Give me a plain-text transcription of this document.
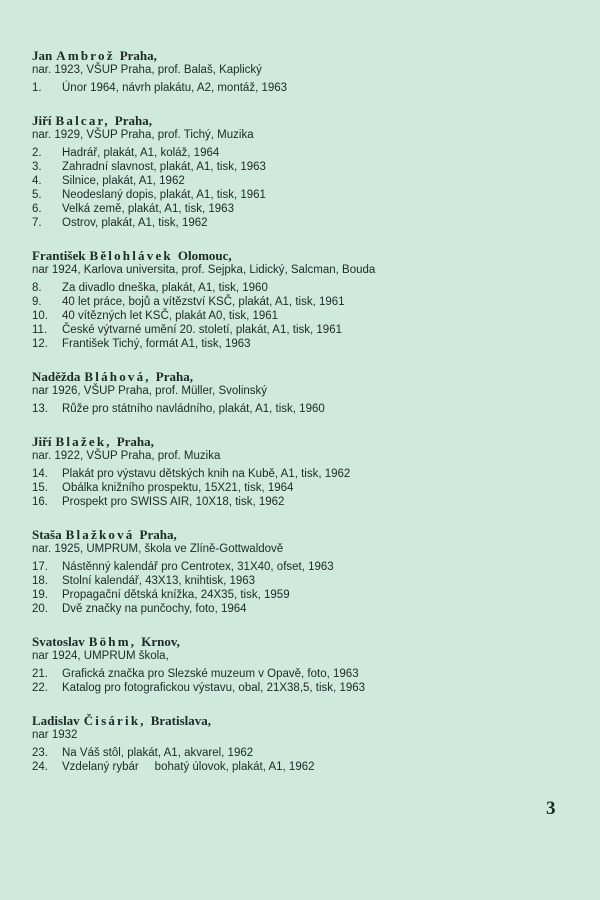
Jan Ambrož Praha,
nar. 1923, VŠUP Praha, prof. Balaš, Kaplický
1.	Únor 1964, návrh plakátu, A2, montáž, 1963
Jiří Balcar, Praha,
nar. 1929, VŠUP Praha, prof. Tichý, Muzika
2.	Hadrář, plakát, A1, koláž, 1964
3.	Zahradní slavnost, plakát, A1, tisk, 1963
4.	Silnice, plakát, A1, 1962
5.	Neodeslaný dopis, plakát, A1, tisk, 1961
6.	Velká země, plakát, A1, tisk, 1963
7.	Ostrov, plakát, A1, tisk, 1962
František Bělohlávek Olomouc,
nar 1924, Karlova universita, prof. Sejpka, Lidický, Salcman, Bouda
8.	Za divadlo dneška, plakát, A1, tisk, 1960
9.	40 let práce, bojů a vítězství KSČ, plakát, A1, tisk, 1961
10.	40 vítězných let KSČ, plakát A0, tisk, 1961
11.	České výtvarné umění 20. století, plakát, A1, tisk, 1961
12.	František Tichý, formát A1, tisk, 1963
Naděžda Bláhová, Praha,
nar 1926, VŠUP Praha, prof. Müller, Svolinský
13.	Růže pro státního navládního, plakát, A1, tisk, 1960
Jiří Blažek, Praha,
nar. 1922, VŠUP Praha, prof. Muzika
14.	Plakát pro výstavu dětských knih na Kubě, A1, tisk, 1962
15.	Obálka knižního prospektu, 15X21, tisk, 1964
16.	Prospekt pro SWISS AIR, 10X18, tisk, 1962
Staša Blažková Praha,
nar. 1925, UMPRUM, škola ve Zlíně-Gottwaldově
17.	Nástěnný kalendář pro Centrotex, 31X40, ofset, 1963
18.	Stolní kalendář, 43X13, knihtisk, 1963
19.	Propagační dětská knížka, 24X35, tisk, 1959
20.	Dvě značky na punčochy, foto, 1964
Svatoslav Böhm, Krnov,
nar 1924, UMPRUM škola,
21.	Grafická značka pro Slezské muzeum v Opavě, foto, 1963
22.	Katalog pro fotografickou výstavu, obal, 21X38,5, tisk, 1963
Ladislav Čisárik, Bratislava,
nar 1932
23.	Na Váš stôl, plakát, A1, akvarel, 1962
24.	Vzdelaný rybár     bohatý úlovok, plakát, A1, 1962
3
